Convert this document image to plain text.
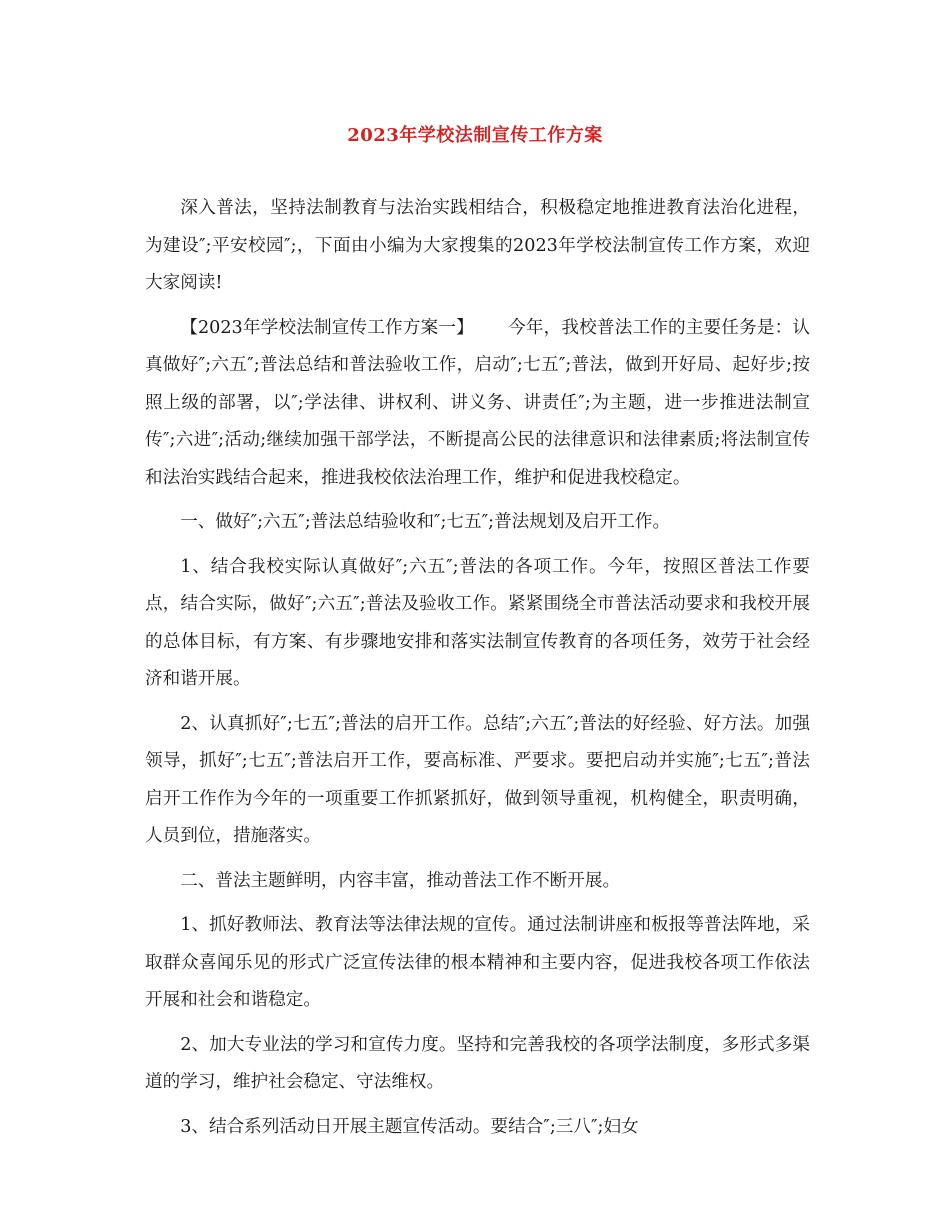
2023年学校法制宣传工作方案

深入普法，坚持法制教育与法治实践相结合，积极稳定地推进教育法治化进程，为建设″;平安校园″;，下面由小编为大家搜集的2023年学校法制宣传工作方案，欢迎大家阅读!

【2023年学校法制宣传工作方案一】 今年，我校普法工作的主要任务是：认真做好″;六五″;普法总结和普法验收工作，启动″;七五″;普法，做到开好局、起好步;按照上级的部署，以″;学法律、讲权利、讲义务、讲责任″;为主题，进一步推进法制宣传″;六进″;活动;继续加强干部学法，不断提高公民的法律意识和法律素质;将法制宣传和法治实践结合起来，推进我校依法治理工作，维护和促进我校稳定。

一、做好″;六五″;普法总结验收和″;七五″;普法规划及启开工作。

1、结合我校实际认真做好″;六五″;普法的各项工作。今年，按照区普法工作要点，结合实际，做好″;六五″;普法及验收工作。紧紧围绕全市普法活动要求和我校开展的总体目标，有方案、有步骤地安排和落实法制宣传教育的各项任务，效劳于社会经济和谐开展。

2、认真抓好″;七五″;普法的启开工作。总结″;六五″;普法的好经验、好方法。加强领导，抓好″;七五″;普法启开工作，要高标准、严要求。要把启动并实施″;七五″;普法启开工作作为今年的一项重要工作抓紧抓好，做到领导重视，机构健全，职责明确，人员到位，措施落实。

二、普法主题鲜明，内容丰富，推动普法工作不断开展。

1、抓好教师法、教育法等法律法规的宣传。通过法制讲座和板报等普法阵地，采取群众喜闻乐见的形式广泛宣传法律的根本精神和主要内容，促进我校各项工作依法开展和社会和谐稳定。

2、加大专业法的学习和宣传力度。坚持和完善我校的各项学法制度，多形式多渠道的学习，维护社会稳定、守法维权。

3、结合系列活动日开展主题宣传活动。要结合″;三八″;妇女
